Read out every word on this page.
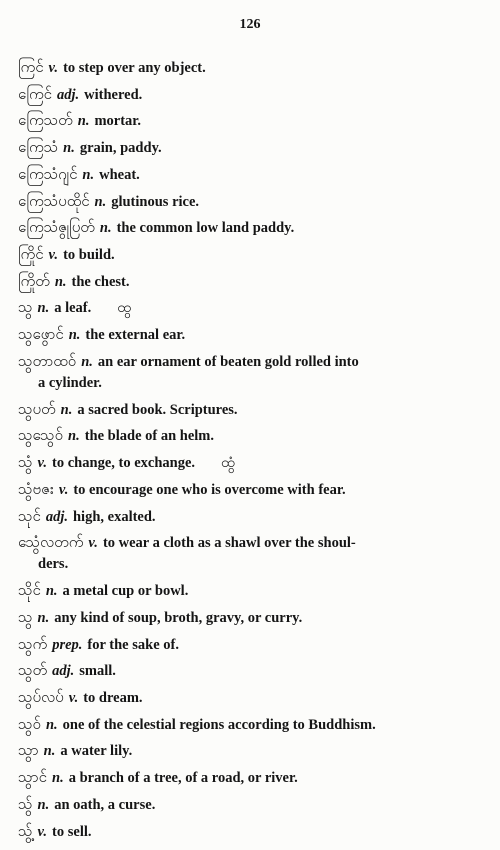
126
ကြင် v. to step over any object.
ကြေင် adj. withered.
ကြေသတ် n. mortar.
ကြေသံ n. grain, paddy.
ကြေသံဂျင် n. wheat.
ကြေသံပထိုင် n. glutinous rice.
ကြေသံဇွုပြတ် n. the common low land paddy.
ကြိုင် v. to build.
ကြိုတ် n. the chest.
သွ n. a leaf. ထွ
သွဖွောင် n. the external ear.
သွတာထဝ် n. an ear ornament of beaten gold rolled into
a cylinder.
သွပတ် n. a sacred book. Scriptures.
သွသွေဝ် n. the blade of an helm.
သွံ v. to change, to exchange. ထွံ
သွံဗဇး v. to encourage one who is overcome with fear.
သုင် adj. high, exalted.
သွေံလတက် v. to wear a cloth as a shawl over the shoul-
ders.
သိုင် n. a metal cup or bowl.
သွ n. any kind of soup, broth, gravy, or curry.
သွက် prep. for the sake of.
သွတ် adj. small.
သွပ်လပ် v. to dream.
သွဝ် n. one of the celestial regions according to Buddhism.
သွာ n. a water lily.
သွာင် n. a branch of a tree, of a road, or river.
သွ် n. an oath, a curse.
သွ့် v. to sell.
